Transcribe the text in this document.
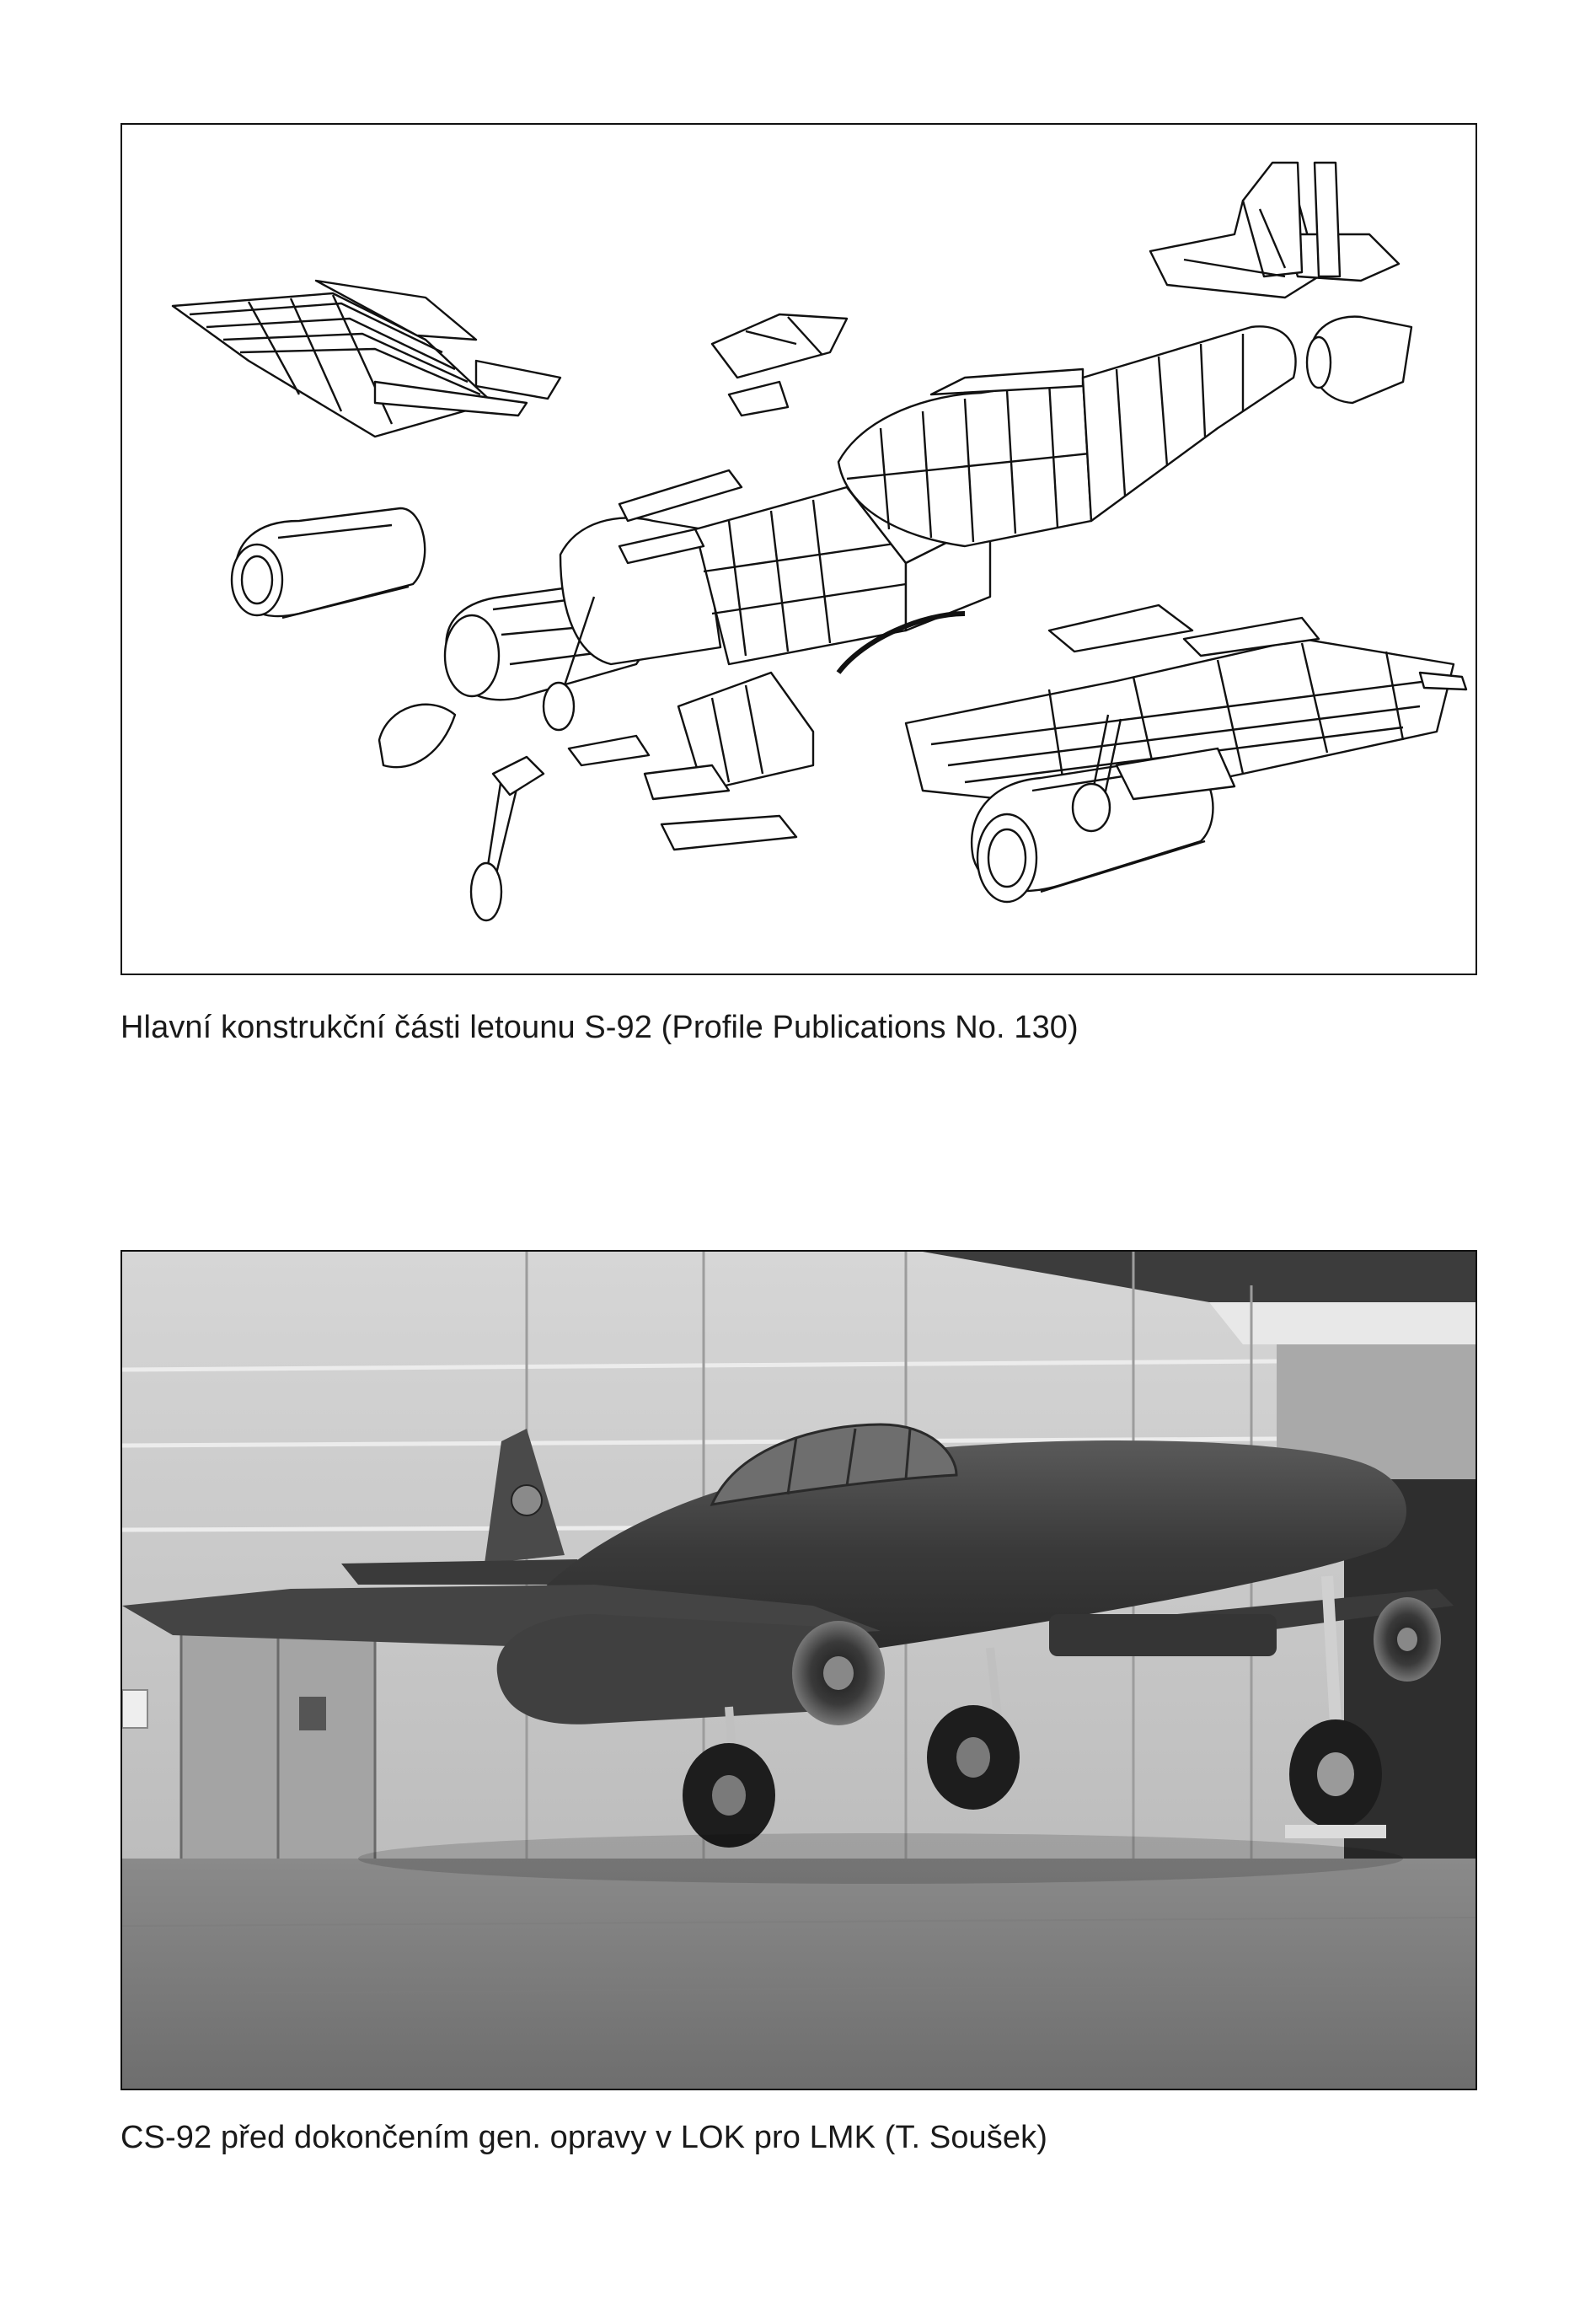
Hlavní konstrukční části letounu S-92 (Profile Publications No. 130)
CS-92 před dokončením gen. opravy v LOK pro LMK (T. Soušek)
